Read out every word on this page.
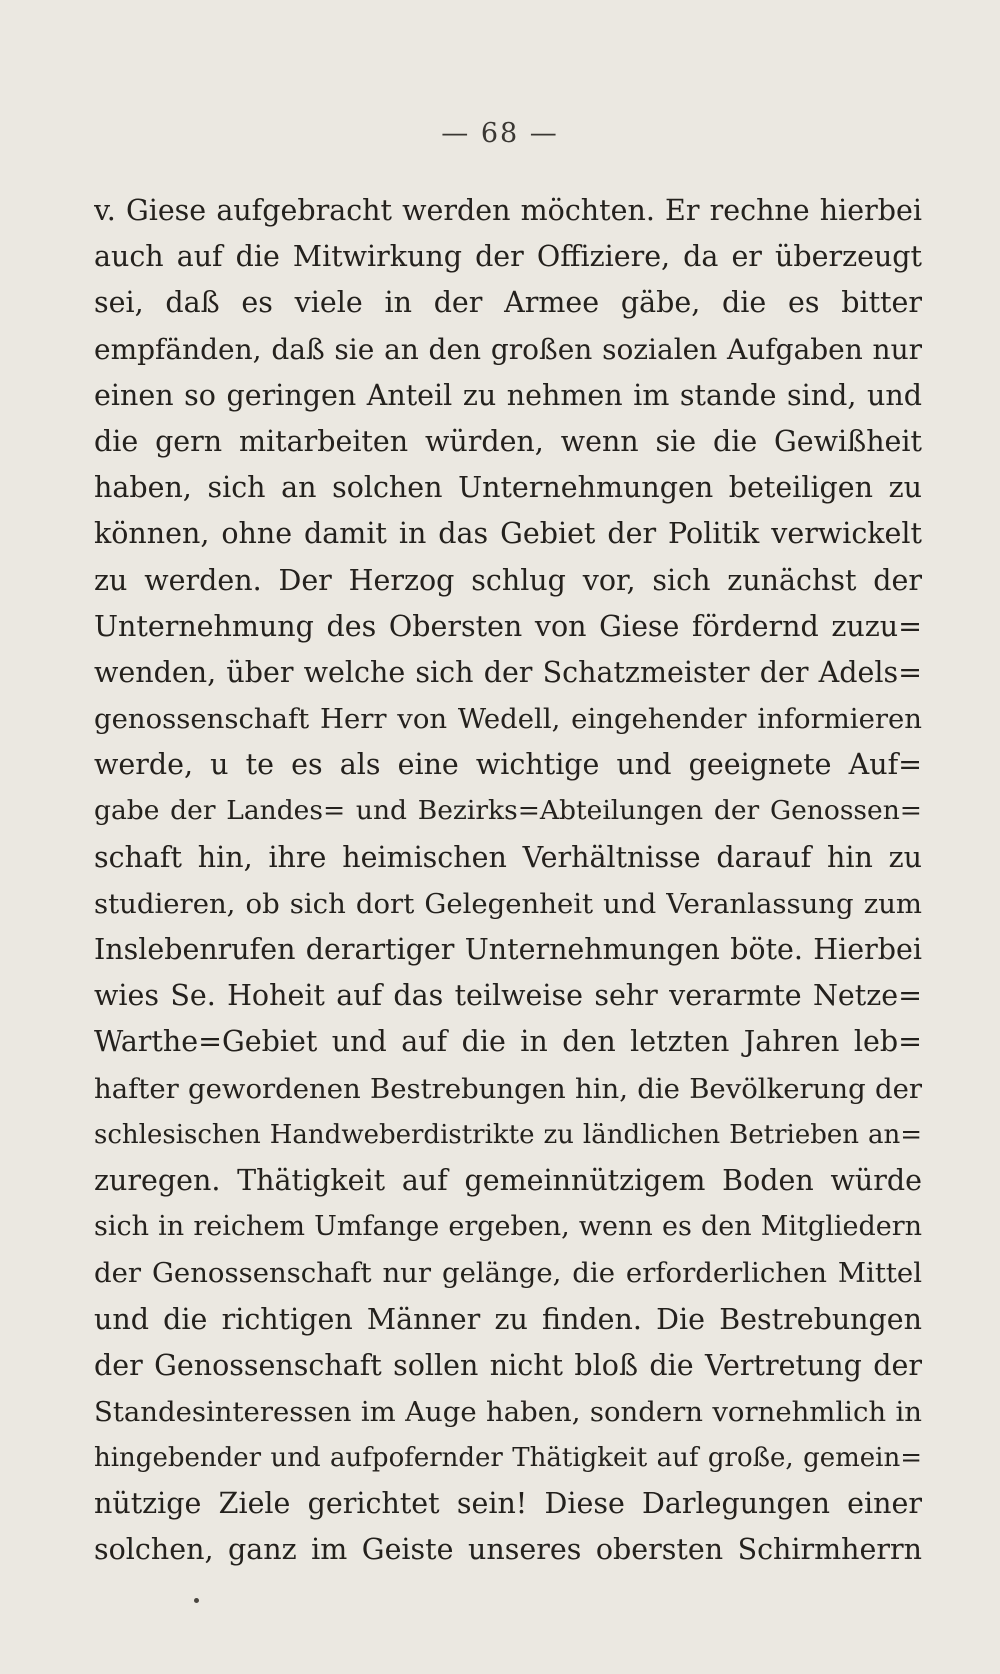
— 68 —
v. Giese aufgebracht werden möchten. Er rechne hierbei
auch auf die Mitwirkung der Offiziere, da er überzeugt
sei, daß es viele in der Armee gäbe, die es bitter
empfänden, daß sie an den großen sozialen Aufgaben nur
einen so geringen Anteil zu nehmen im stande sind, und
die gern mitarbeiten würden, wenn sie die Gewißheit
haben, sich an solchen Unternehmungen beteiligen zu
können, ohne damit in das Gebiet der Politik verwickelt
zu werden. Der Herzog schlug vor, sich zunächst der
Unternehmung des Obersten von Giese fördernd zuzu=
wenden, über welche sich der Schatzmeister der Adels=
genossenschaft Herr von Wedell, eingehender informieren
werde, u te es als eine wichtige und geeignete Auf=
gabe der Landes= und Bezirks=Abteilungen der Genossen=
schaft hin, ihre heimischen Verhältnisse darauf hin zu
studieren, ob sich dort Gelegenheit und Veranlassung zum
Inslebenrufen derartiger Unternehmungen böte. Hierbei
wies Se. Hoheit auf das teilweise sehr verarmte Netze=
Warthe=Gebiet und auf die in den letzten Jahren leb=
hafter gewordenen Bestrebungen hin, die Bevölkerung der
schlesischen Handweberdistrikte zu ländlichen Betrieben an=
zuregen. Thätigkeit auf gemeinnützigem Boden würde
sich in reichem Umfange ergeben, wenn es den Mitgliedern
der Genossenschaft nur gelänge, die erforderlichen Mittel
und die richtigen Männer zu finden. Die Bestrebungen
der Genossenschaft sollen nicht bloß die Vertretung der
Standesinteressen im Auge haben, sondern vornehmlich in
hingebender und aufpofernder Thätigkeit auf große, gemein=
nützige Ziele gerichtet sein! Diese Darlegungen einer
solchen, ganz im Geiste unseres obersten Schirmherrn
